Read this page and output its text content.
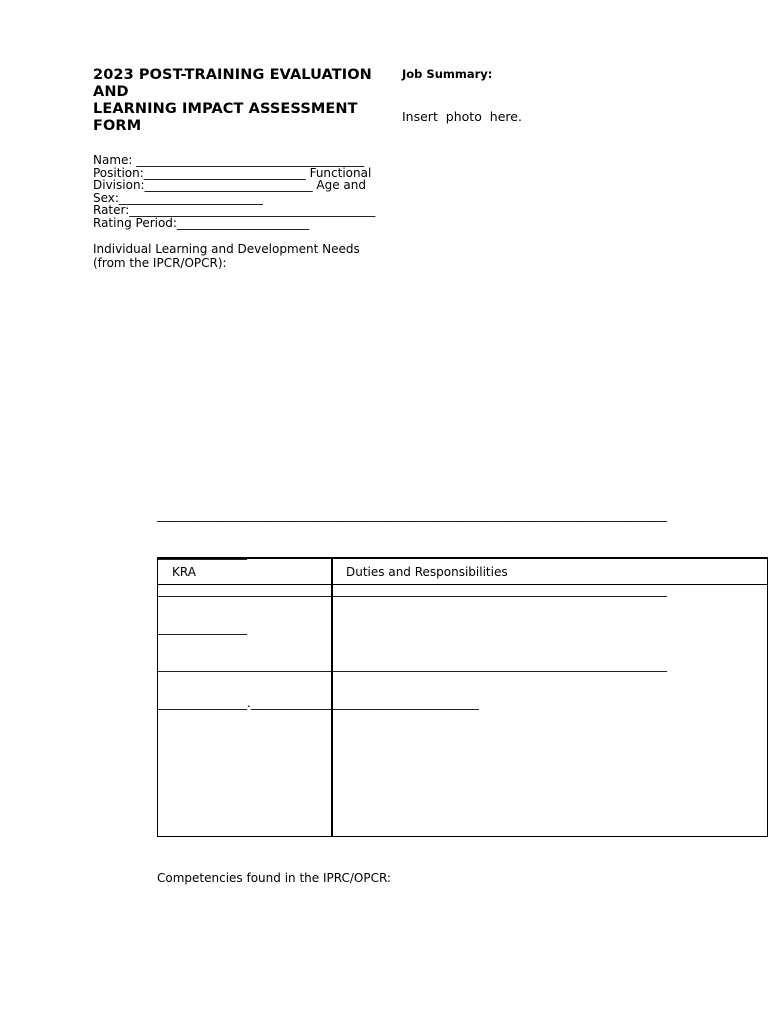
2023 POST-TRAINING EVALUATION
AND
LEARNING IMPACT ASSESSMENT
FORM
Job Summary:
Insert  photo  here.
Name: ______________________________________
Position:___________________________ Functional
Division:____________________________ Age and
Sex:________________________
Rater:_________________________________________
Rating Period:______________________
Individual Learning and Development Needs (from the IPCR/OPCR):

_____________________________________________________________________________________

_______________

_____________________________________________________________________________________

_______________

_____________________________________________________________________________________

_______________.______________________________________

KRA	Duties and Responsibilities

Competencies found in the IPRC/OPCR:
